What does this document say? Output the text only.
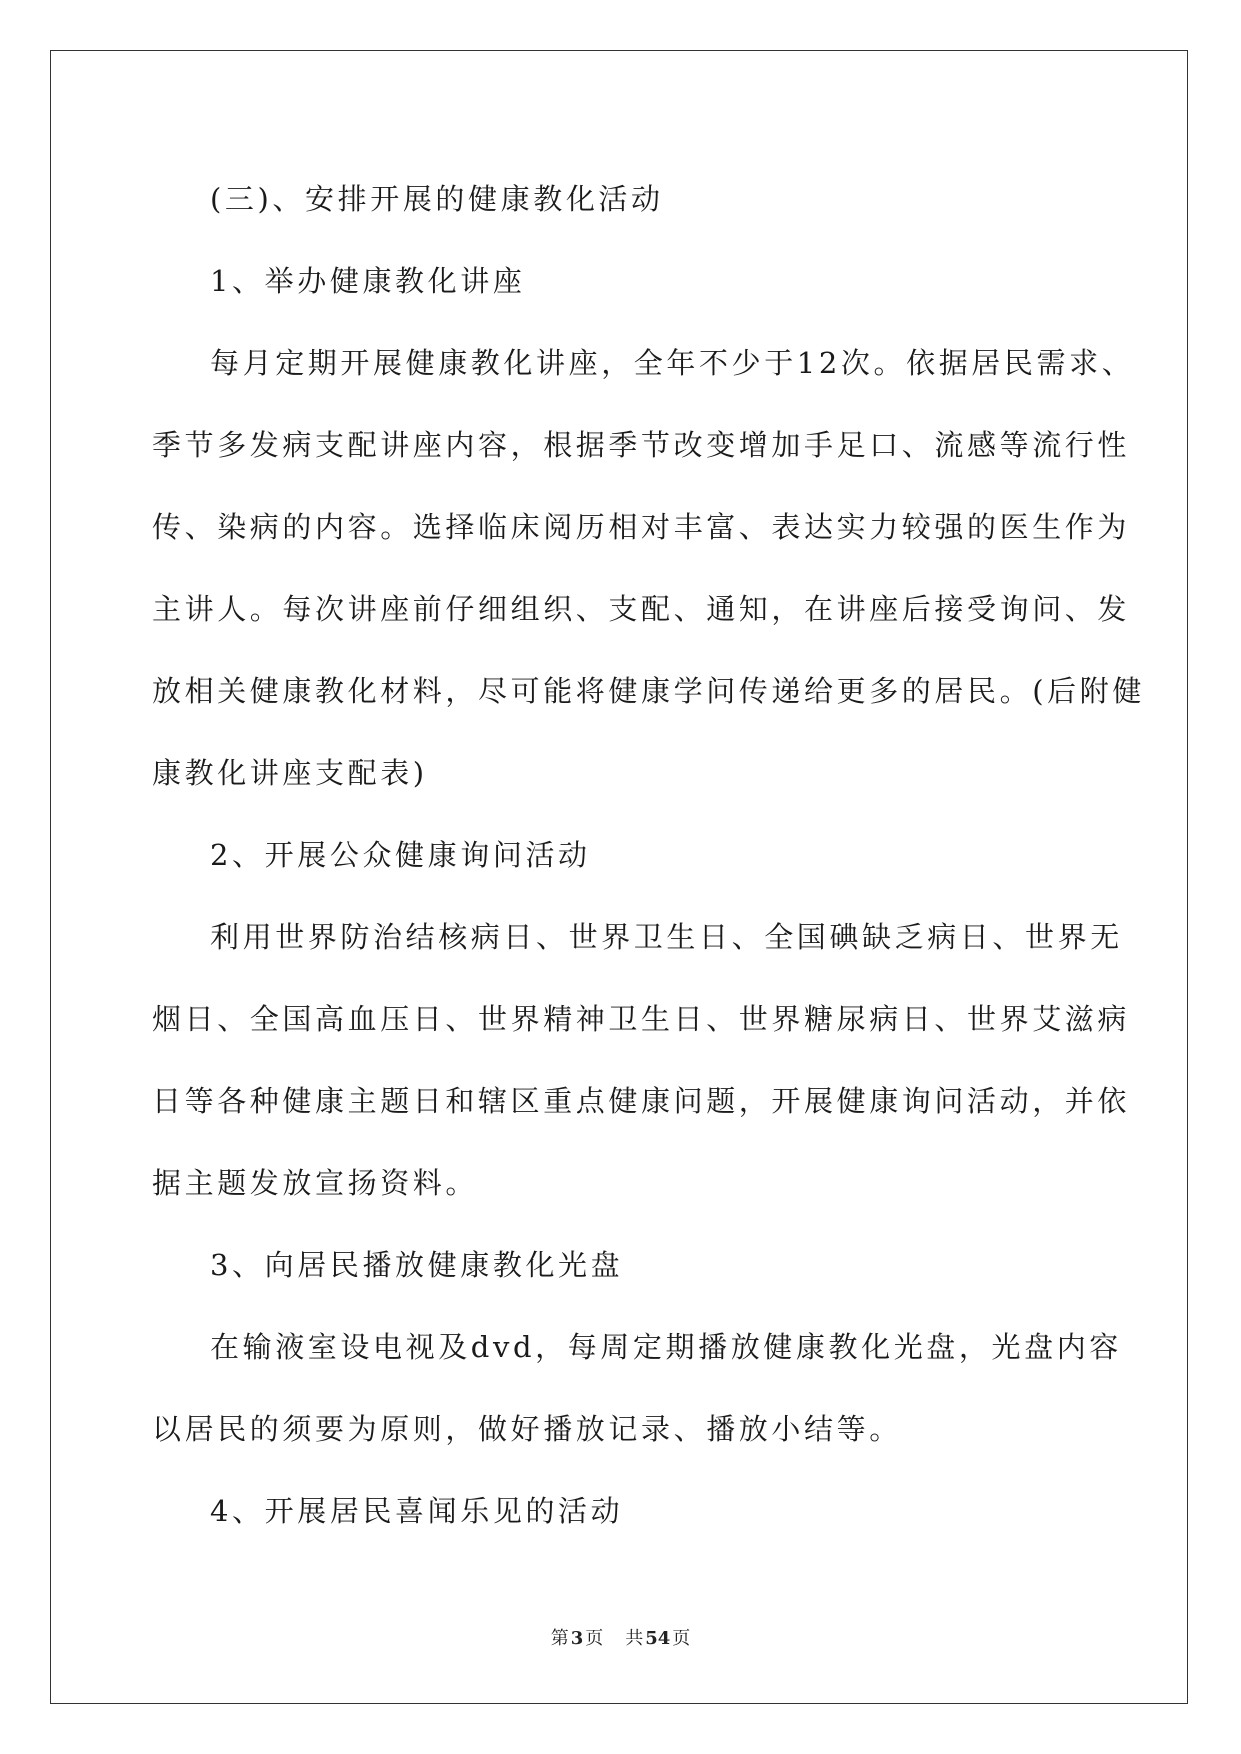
(三)、安排开展的健康教化活动

1、举办健康教化讲座

每月定期开展健康教化讲座，全年不少于12次。依据居民需求、

季节多发病支配讲座内容，根据季节改变增加手足口、流感等流行性

传、染病的内容。选择临床阅历相对丰富、表达实力较强的医生作为

主讲人。每次讲座前仔细组织、支配、通知，在讲座后接受询问、发

放相关健康教化材料，尽可能将健康学问传递给更多的居民。(后附健

康教化讲座支配表)

2、开展公众健康询问活动

利用世界防治结核病日、世界卫生日、全国碘缺乏病日、世界无

烟日、全国高血压日、世界精神卫生日、世界糖尿病日、世界艾滋病

日等各种健康主题日和辖区重点健康问题，开展健康询问活动，并依

据主题发放宣扬资料。

3、向居民播放健康教化光盘

在输液室设电视及dvd，每周定期播放健康教化光盘，光盘内容

以居民的须要为原则，做好播放记录、播放小结等。

4、开展居民喜闻乐见的活动

第 3 页 共 54 页
